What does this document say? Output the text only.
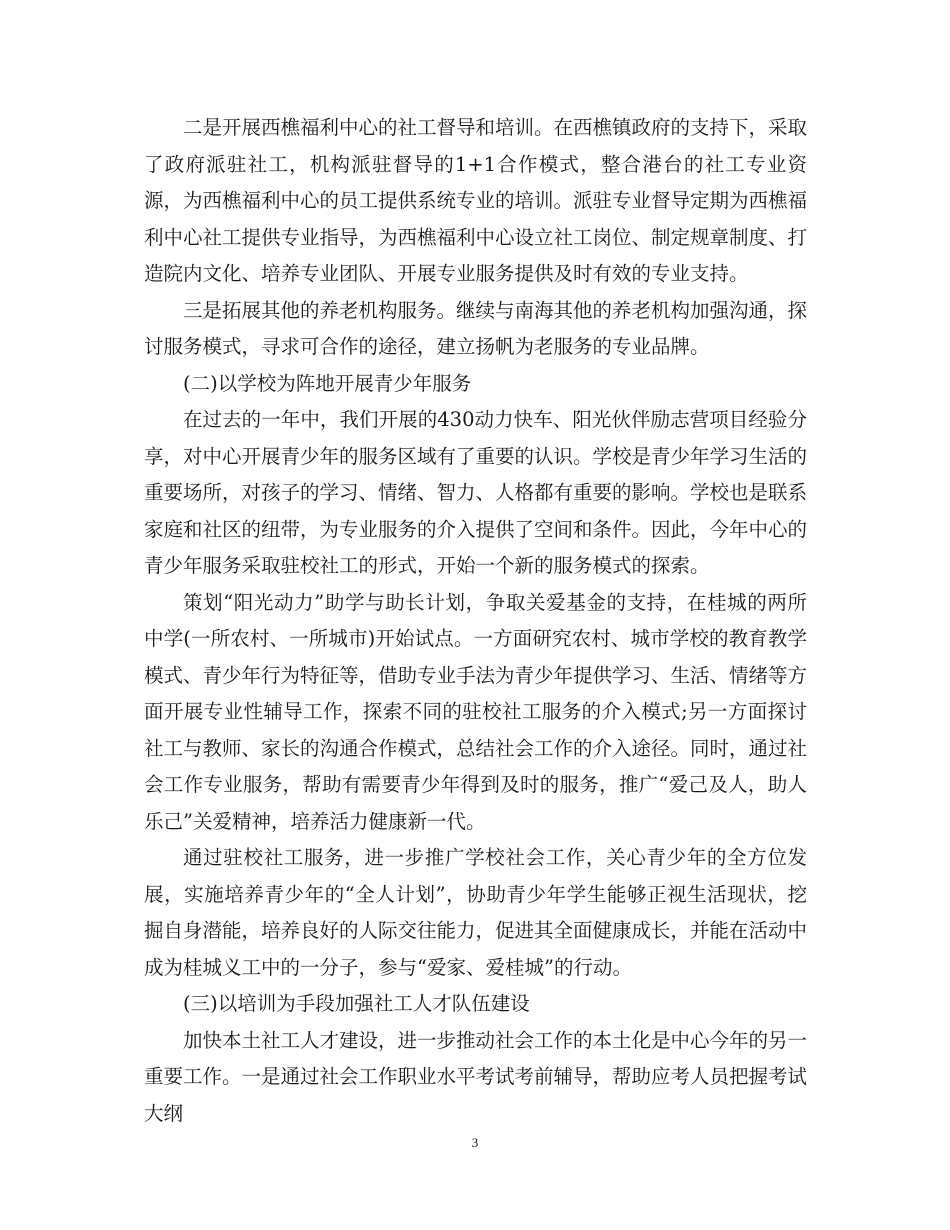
二是开展西樵福利中心的社工督导和培训。在西樵镇政府的支持下，采取了政府派驻社工，机构派驻督导的1+1合作模式，整合港台的社工专业资源，为西樵福利中心的员工提供系统专业的培训。派驻专业督导定期为西樵福利中心社工提供专业指导，为西樵福利中心设立社工岗位、制定规章制度、打造院内文化、培养专业团队、开展专业服务提供及时有效的专业支持。

三是拓展其他的养老机构服务。继续与南海其他的养老机构加强沟通，探讨服务模式，寻求可合作的途径，建立扬帆为老服务的专业品牌。

(二)以学校为阵地开展青少年服务

在过去的一年中，我们开展的430动力快车、阳光伙伴励志营项目经验分享，对中心开展青少年的服务区域有了重要的认识。学校是青少年学习生活的重要场所，对孩子的学习、情绪、智力、人格都有重要的影响。学校也是联系家庭和社区的纽带，为专业服务的介入提供了空间和条件。因此，今年中心的青少年服务采取驻校社工的形式，开始一个新的服务模式的探索。

策划“阳光动力”助学与助长计划，争取关爱基金的支持，在桂城的两所中学(一所农村、一所城市)开始试点。一方面研究农村、城市学校的教育教学模式、青少年行为特征等，借助专业手法为青少年提供学习、生活、情绪等方面开展专业性辅导工作，探索不同的驻校社工服务的介入模式;另一方面探讨社工与教师、家长的沟通合作模式，总结社会工作的介入途径。同时，通过社会工作专业服务，帮助有需要青少年得到及时的服务，推广“爱己及人，助人乐己”关爱精神，培养活力健康新一代。

通过驻校社工服务，进一步推广学校社会工作，关心青少年的全方位发展，实施培养青少年的“全人计划”，协助青少年学生能够正视生活现状，挖掘自身潜能，培养良好的人际交往能力，促进其全面健康成长，并能在活动中成为桂城义工中的一分子，参与“爱家、爱桂城”的行动。

(三)以培训为手段加强社工人才队伍建设

加快本土社工人才建设，进一步推动社会工作的本土化是中心今年的另一重要工作。一是通过社会工作职业水平考试考前辅导，帮助应考人员把握考试大纲

3
